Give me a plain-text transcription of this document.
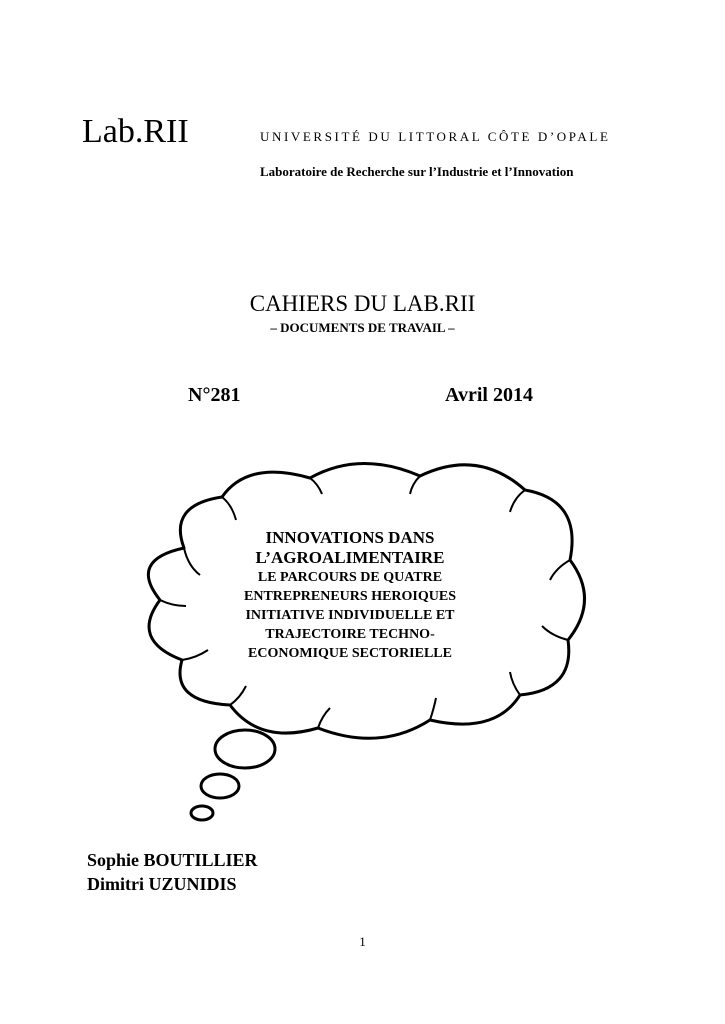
Lab.RII	UNIVERSITÉ DU LITTORAL CÔTE D’OPALE
Laboratoire de Recherche sur l’Industrie et l’Innovation
CAHIERS DU LAB.RII
– DOCUMENTS DE TRAVAIL –
N°281	Avril 2014
INNOVATIONS DANS
L’AGROALIMENTAIRE
LE PARCOURS DE QUATRE
ENTREPRENEURS HEROIQUES
INITIATIVE INDIVIDUELLE ET
TRAJECTOIRE TECHNO-
ECONOMIQUE SECTORIELLE
Sophie BOUTILLIER
Dimitri UZUNIDIS
1
